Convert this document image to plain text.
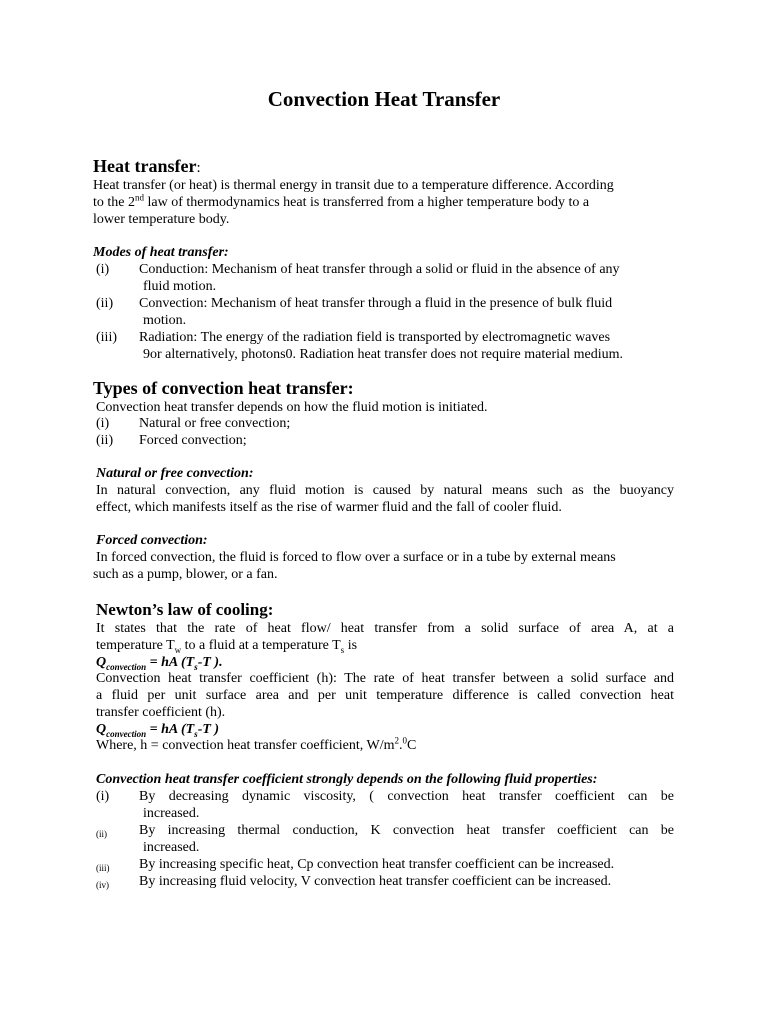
Convection Heat Transfer
Heat transfer:
Heat transfer (or heat) is thermal energy in transit due to a temperature difference. According
to the 2nd law of thermodynamics heat is transferred from a higher temperature body to a
lower temperature body.
Modes of heat transfer:
(i) Conduction: Mechanism of heat transfer through a solid or fluid in the absence of any
fluid motion.
(ii) Convection: Mechanism of heat transfer through a fluid in the presence of bulk fluid
motion.
(iii) Radiation: The energy of the radiation field is transported by electromagnetic waves
9or alternatively, photons0. Radiation heat transfer does not require material medium.
Types of convection heat transfer:
Convection heat transfer depends on how the fluid motion is initiated.
(i) Natural or free convection;
(ii) Forced convection;
Natural or free convection:
In natural convection, any fluid motion is caused by natural means such as the buoyancy
effect, which manifests itself as the rise of warmer fluid and the fall of cooler fluid.
Forced convection:
In forced convection, the fluid is forced to flow over a surface or in a tube by external means
such as a pump, blower, or a fan.
Newton’s law of cooling:
It states that the rate of heat flow/ heat transfer from a solid surface of area A, at a
temperature $T_w$ to a fluid at a temperature $T_s$ is
$Q_{convection}$ = hA ($T_s-T$ ).
Convection heat transfer coefficient (h): The rate of heat transfer between a solid surface and
a fluid per unit surface area and per unit temperature difference is called convection heat
transfer coefficient (h).
$Q_{convection}$ = hA ($T_s-T$ )
Where, h = convection heat transfer coefficient, $W/m^2.^0C$
Convection heat transfer coefficient strongly depends on the following fluid properties:
(i) By decreasing dynamic viscosity, ( convection heat transfer coefficient can be
increased.
(ii) By increasing thermal conduction, K convection heat transfer coefficient can be
increased.
(iii) By increasing specific heat, Cp convection heat transfer coefficient can be increased.
(iv) By increasing fluid velocity, V convection heat transfer coefficient can be increased.
